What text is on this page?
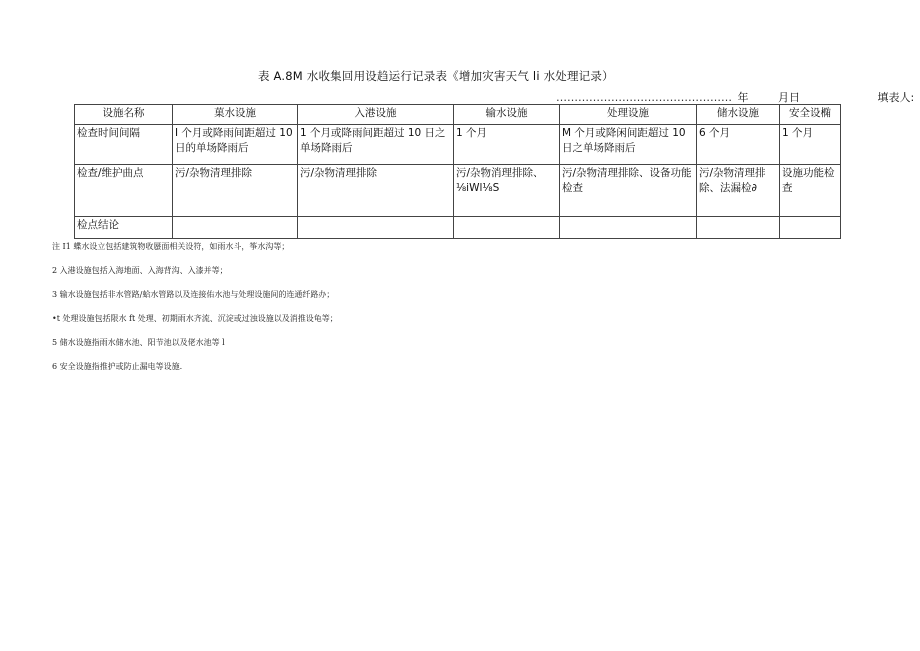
表 A.8M 水收集回用设趋运行记录表《增加灾害天气 li 水处理记录）
………………………………………… 年	月日	填表人:
设施名称	菓水设施	入港设施	输水设施	处理设施	储水设施	安全设椭
检查时间间隔	I 个月或降雨间距超过 10 日的单场降雨后	1 个月或降雨间距超过 10 日之单场降雨后	1 个月	M 个月或降闲间距超过 10 日之单场降雨后	6 个月	1 个月
检查/维护曲点	污/杂物清理排除	污/杂物清理排除	污/杂物消理排除、⅛iWl⅛S	污/杂物清理排除、设备功能检查	污/杂物清理排除、法漏检∂	设施功能检查
检点结论						
注 I1 蝶水设立包括建筑物收蜃面相关设符，如雨水斗，筝水沟等；
2 入港设施包括入海地面、入海背沟、入漆并等；
3 输水设施包括非水管路/蛤水管路以及连接佑水池与处理设施间的连通纤路办；
•t 处理设施包括限水 ft 处理、初期雨水齐流、沉淀或过浊设施以及消推设龟等；
5 储水设施指雨水储水池、阳节池以及佬水池等 l
6 安全设施指推护或防止漏电等设施.
